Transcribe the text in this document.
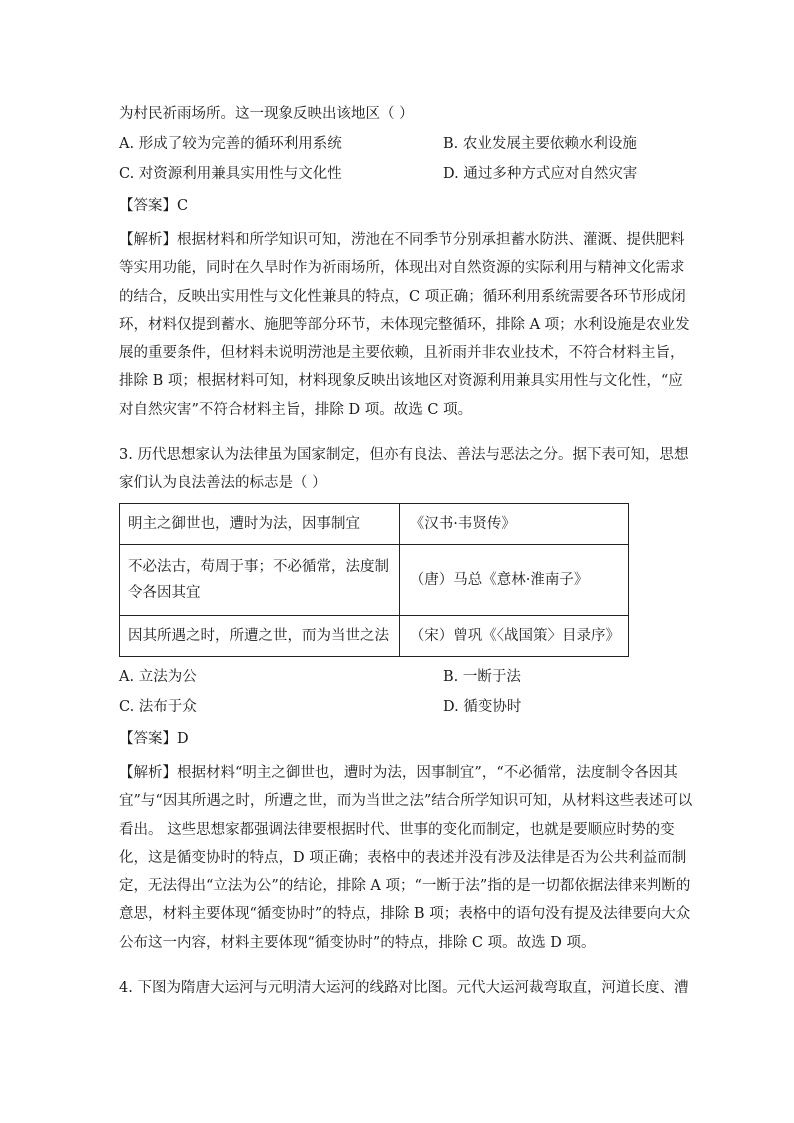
为村民祈雨场所。这一现象反映出该地区（ ）
A. 形成了较为完善的循环利用系统	B. 农业发展主要依赖水利设施
C. 对资源利用兼具实用性与文化性	D. 通过多种方式应对自然灾害
【答案】C
【解析】根据材料和所学知识可知，涝池在不同季节分别承担蓄水防洪、灌溉、提供肥料
等实用功能，同时在久旱时作为祈雨场所，体现出对自然资源的实际利用与精神文化需求
的结合，反映出实用性与文化性兼具的特点，C 项正确；循环利用系统需要各环节形成闭
环，材料仅提到蓄水、施肥等部分环节，未体现完整循环，排除 A 项；水利设施是农业发
展的重要条件，但材料未说明涝池是主要依赖，且祈雨并非农业技术，不符合材料主旨，
排除 B 项；根据材料可知，材料现象反映出该地区对资源利用兼具实用性与文化性，“应
对自然灾害”不符合材料主旨，排除 D 项。故选 C 项。
3. 历代思想家认为法律虽为国家制定，但亦有良法、善法与恶法之分。据下表可知，思想
家们认为良法善法的标志是（ ）
明主之御世也，遭时为法，因事制宜	《汉书·韦贤传》
不必法古，苟周于事；不必循常，法度制令各因其宜	（唐）马总《意林·淮南子》
因其所遇之时，所遭之世，而为当世之法	（宋）曾巩《〈战国策〉目录序》
A. 立法为公	B. 一断于法
C. 法布于众	D. 循变协时
【答案】D
【解析】根据材料“明主之御世也，遭时为法，因事制宜”，“不必循常，法度制令各因其
宜”与“因其所遇之时，所遭之世，而为当世之法”结合所学知识可知，从材料这些表述可以
看出。 这些思想家都强调法律要根据时代、世事的变化而制定，也就是要顺应时势的变
化，这是循变协时的特点，D 项正确；表格中的表述并没有涉及法律是否为公共利益而制
定，无法得出“立法为公”的结论，排除 A 项；“一断于法”指的是一切都依据法律来判断的
意思，材料主要体现“循变协时”的特点，排除 B 项；表格中的语句没有提及法律要向大众
公布这一内容，材料主要体现“循变协时”的特点，排除 C 项。故选 D 项。
4. 下图为隋唐大运河与元明清大运河的线路对比图。元代大运河裁弯取直，河道长度、漕
